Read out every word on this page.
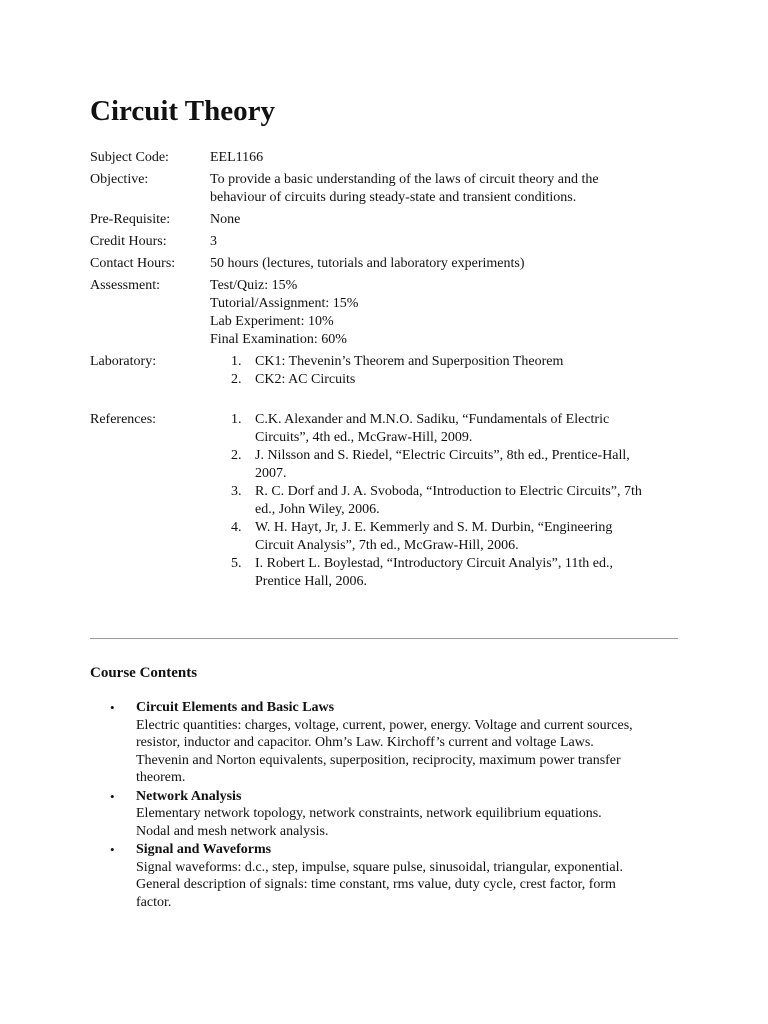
Circuit Theory
Subject Code:	EEL1166
Objective:	To provide a basic understanding of the laws of circuit theory and the
behaviour of circuits during steady-state and transient conditions.
Pre-Requisite:	None
Credit Hours:	3
Contact Hours:	50 hours (lectures, tutorials and laboratory experiments)
Assessment:	Test/Quiz: 15%
Tutorial/Assignment: 15%
Lab Experiment: 10%
Final Examination: 60%
Laboratory:	1. CK1: Thevenin’s Theorem and Superposition Theorem
2. CK2: AC Circuits
References:	1. C.K. Alexander and M.N.O. Sadiku, “Fundamentals of Electric
Circuits”, 4th ed., McGraw-Hill, 2009.
2. J. Nilsson and S. Riedel, “Electric Circuits”, 8th ed., Prentice-Hall,
2007.
3. R. C. Dorf and J. A. Svoboda, “Introduction to Electric Circuits”, 7th
ed., John Wiley, 2006.
4. W. H. Hayt, Jr, J. E. Kemmerly and S. M. Durbin, “Engineering
Circuit Analysis”, 7th ed., McGraw-Hill, 2006.
5. I. Robert L. Boylestad, “Introductory Circuit Analyis”, 11th ed.,
Prentice Hall, 2006.
Course Contents
• Circuit Elements and Basic Laws
Electric quantities: charges, voltage, current, power, energy. Voltage and current sources,
resistor, inductor and capacitor. Ohm’s Law. Kirchoff’s current and voltage Laws.
Thevenin and Norton equivalents, superposition, reciprocity, maximum power transfer
theorem.
• Network Analysis
Elementary network topology, network constraints, network equilibrium equations.
Nodal and mesh network analysis.
• Signal and Waveforms
Signal waveforms: d.c., step, impulse, square pulse, sinusoidal, triangular, exponential.
General description of signals: time constant, rms value, duty cycle, crest factor, form
factor.
